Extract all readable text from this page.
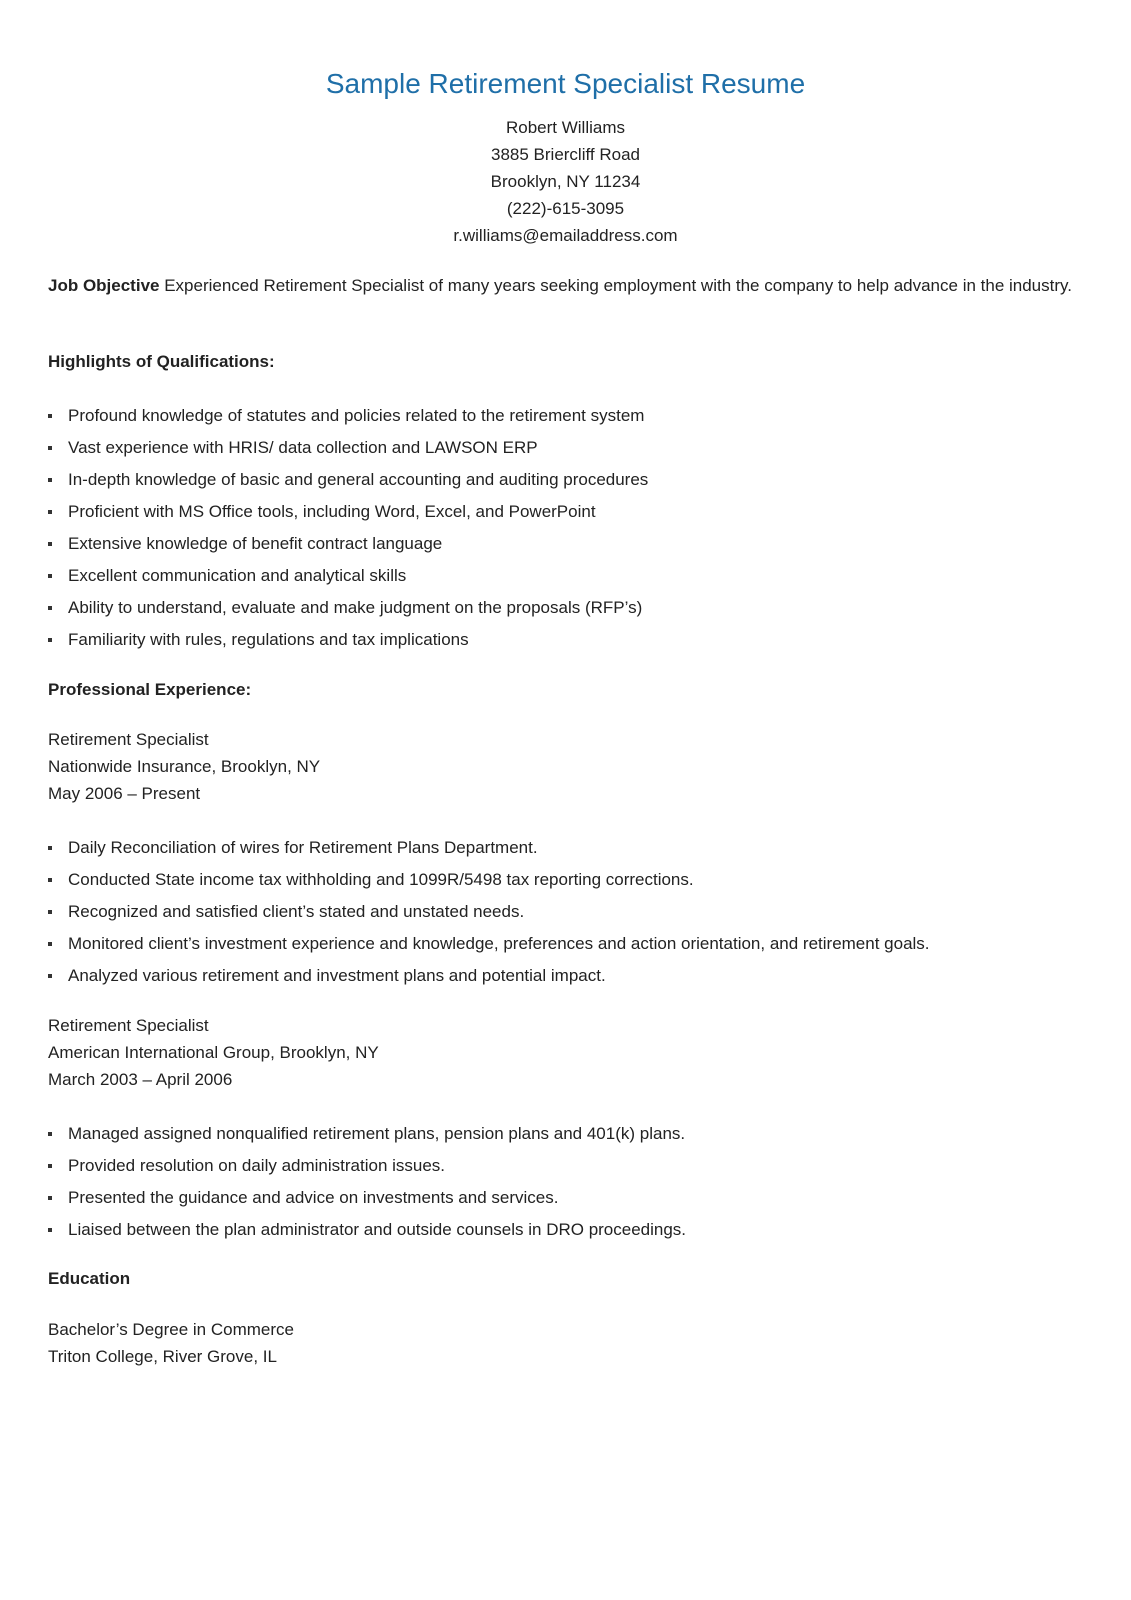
Sample Retirement Specialist Resume
Robert Williams
3885 Briercliff Road
Brooklyn, NY 11234
(222)-615-3095
r.williams@emailaddress.com
Job Objective Experienced Retirement Specialist of many years seeking employment with the company to help advance in the industry.
Highlights of Qualifications:
Profound knowledge of statutes and policies related to the retirement system
Vast experience with HRIS/ data collection and LAWSON ERP
In-depth knowledge of basic and general accounting and auditing procedures
Proficient with MS Office tools, including Word, Excel, and PowerPoint
Extensive knowledge of benefit contract language
Excellent communication and analytical skills
Ability to understand, evaluate and make judgment on the proposals (RFP’s)
Familiarity with rules, regulations and tax implications
Professional Experience:
Retirement Specialist
Nationwide Insurance, Brooklyn, NY
May 2006 – Present
Daily Reconciliation of wires for Retirement Plans Department.
Conducted State income tax withholding and 1099R/5498 tax reporting corrections.
Recognized and satisfied client’s stated and unstated needs.
Monitored client’s investment experience and knowledge, preferences and action orientation, and retirement goals.
Analyzed various retirement and investment plans and potential impact.
Retirement Specialist
American International Group, Brooklyn, NY
March 2003 – April 2006
Managed assigned nonqualified retirement plans, pension plans and 401(k) plans.
Provided resolution on daily administration issues.
Presented the guidance and advice on investments and services.
Liaised between the plan administrator and outside counsels in DRO proceedings.
Education
Bachelor’s Degree in Commerce
Triton College, River Grove, IL
